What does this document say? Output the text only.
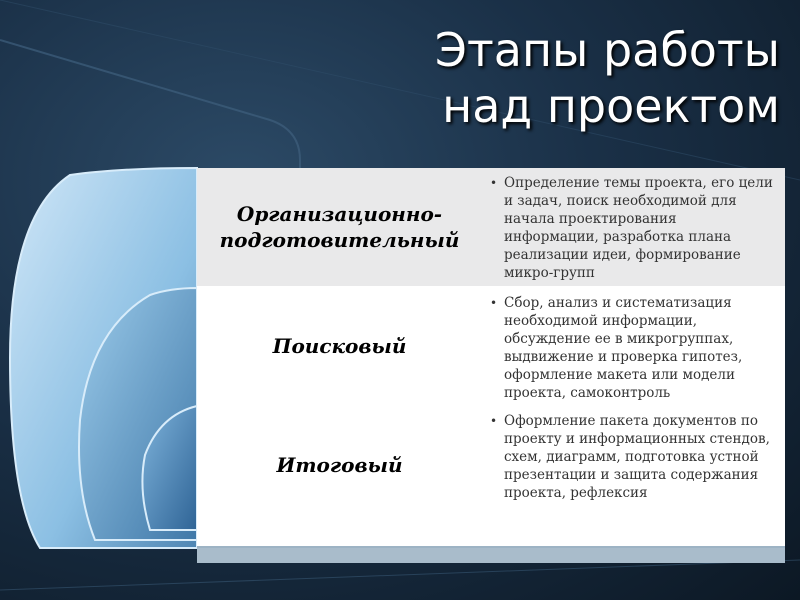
Этапы работы
над проектом
Организационно-
подготовительный
• Определение темы проекта, его цели и задач, поиск необходимой для начала проектирования информации, разработка плана реализации идеи, формирование микро-групп
Поисковый
• Сбор, анализ и систематизация необходимой информации, обсуждение ее в микрогруппах, выдвижение и проверка гипотез, оформление макета или модели проекта, самоконтроль
Итоговый
• Оформление пакета документов по проекту и информационных стендов, схем, диаграмм, подготовка устной презентации и защита содержания проекта, рефлексия
